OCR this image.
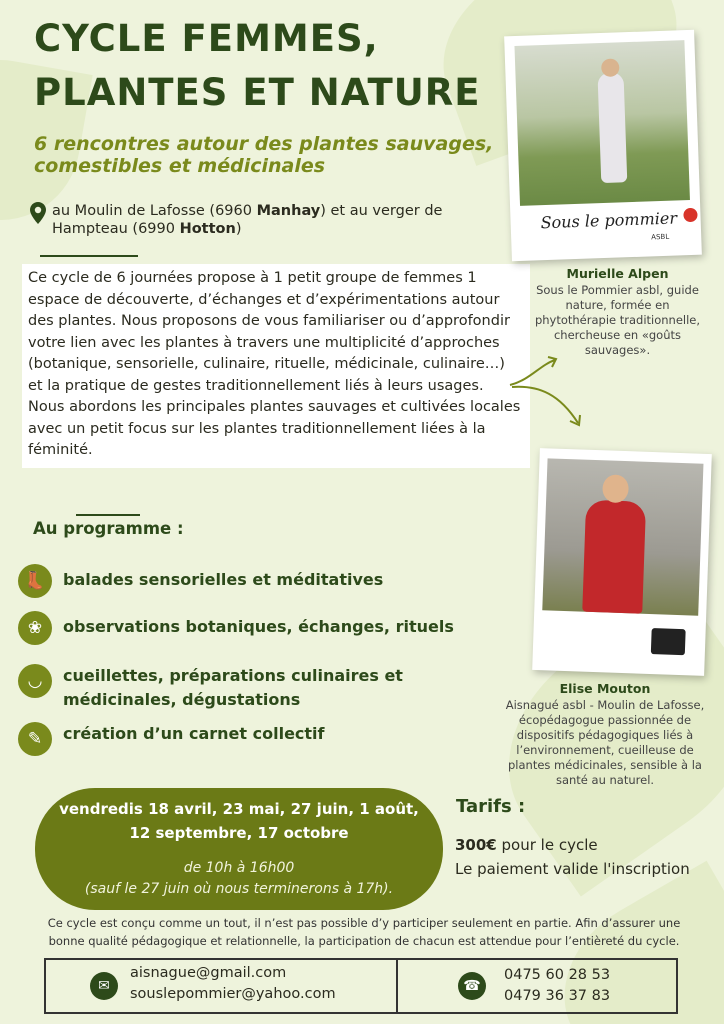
CYCLE FEMMES,
PLANTES ET NATURE
6 rencontres autour des plantes sauvages, comestibles et médicinales
au Moulin de Lafosse (6960 Manhay) et au verger de Hampteau (6990 Hotton)
Ce cycle de 6 journées propose à 1 petit groupe de femmes 1 espace de découverte, d’échanges et d’expérimentations autour des plantes. Nous proposons de vous familiariser ou d’approfondir votre lien avec les plantes à travers une multiplicité d’approches (botanique, sensorielle, culinaire, rituelle, médicinale, culinaire…) et la pratique de gestes traditionnellement liés à leurs usages. Nous abordons les principales plantes sauvages et cultivées locales avec un petit focus sur les plantes traditionnellement liées à la féminité.
Sous le pommier
ASBL
Murielle Alpen
Sous le Pommier asbl, guide nature, formée en phytothérapie traditionnelle, chercheuse en «goûts sauvages».
Elise Mouton
Aisnagué asbl - Moulin de Lafosse, écopédagogue passionnée de dispositifs pédagogiques liés à l’environnement, cueilleuse de plantes médicinales, sensible à la santé au naturel.
Au programme :
👢	balades sensorielles et méditatives
❀	observations botaniques, échanges, rituels
◡	cueillettes, préparations culinaires et médicinales, dégustations
✎	création d’un carnet collectif
vendredis 18 avril, 23 mai, 27 juin, 1 août,
12 septembre, 17 octobre
de 10h à 16h00
(sauf le 27 juin où nous terminerons à 17h).
Tarifs :
300€ pour le cycle
Le paiement valide l'inscription
Ce cycle est conçu comme un tout, il n’est pas possible d’y participer seulement en partie. Afin d’assurer une bonne qualité pédagogique et relationnelle, la participation de chacun est attendue pour l’entièreté du cycle.
✉
aisnague@gmail.com
souslepommier@yahoo.com	☎
0475 60 28 53
0479 36 37 83
